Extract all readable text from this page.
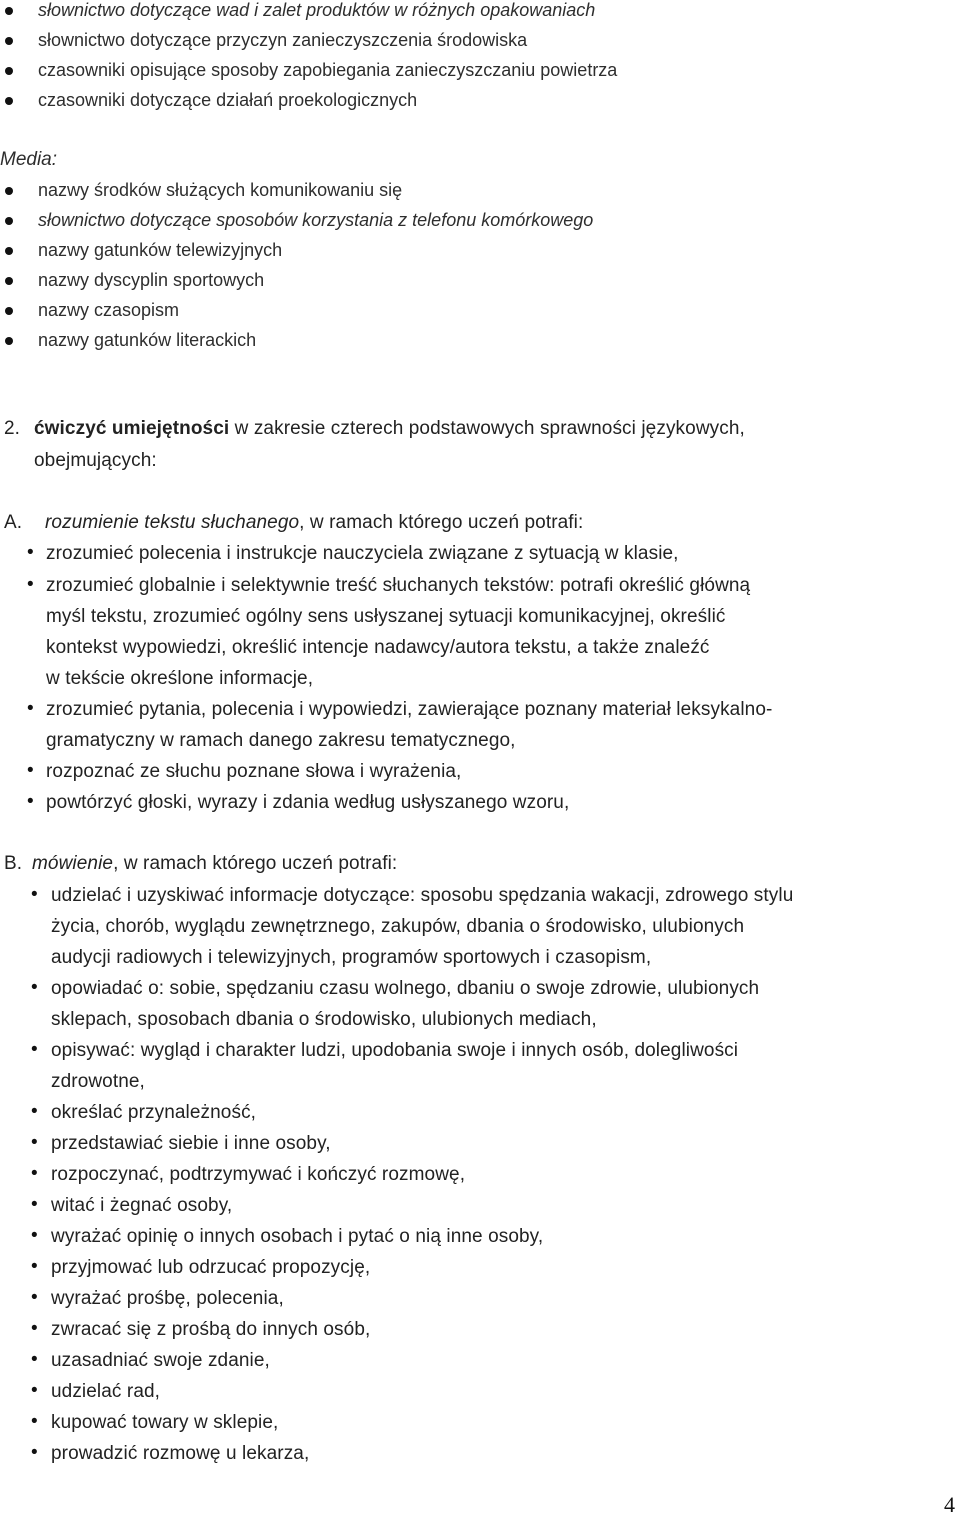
słownictwo dotyczące wad i zalet produktów w różnych opakowaniach
słownictwo dotyczące przyczyn zanieczyszczenia środowiska
czasowniki opisujące sposoby zapobiegania zanieczyszczaniu powietrza
czasowniki dotyczące działań proekologicznych
Media:
nazwy środków służących komunikowaniu się
słownictwo dotyczące sposobów korzystania z telefonu komórkowego
nazwy gatunków telewizyjnych
nazwy dyscyplin sportowych
nazwy czasopism
nazwy gatunków literackich
2. ćwiczyć umiejętności w zakresie czterech podstawowych sprawności językowych,
obejmujących:
A. rozumienie tekstu słuchanego, w ramach którego uczeń potrafi:
• zrozumieć polecenia i instrukcje nauczyciela związane z sytuacją w klasie,
• zrozumieć globalnie i selektywnie treść słuchanych tekstów: potrafi określić główną
myśl tekstu, zrozumieć ogólny sens usłyszanej sytuacji komunikacyjnej, określić
kontekst wypowiedzi, określić intencje nadawcy/autora tekstu, a także znaleźć
w tekście określone informacje,
• zrozumieć pytania, polecenia i wypowiedzi, zawierające poznany materiał leksykalno-
gramatyczny w ramach danego zakresu tematycznego,
• rozpoznać ze słuchu poznane słowa i wyrażenia,
• powtórzyć głoski, wyrazy i zdania według usłyszanego wzoru,
B. mówienie, w ramach którego uczeń potrafi:
• udzielać i uzyskiwać informacje dotyczące: sposobu spędzania wakacji, zdrowego stylu
życia, chorób, wyglądu zewnętrznego, zakupów, dbania o środowisko, ulubionych
audycji radiowych i telewizyjnych, programów sportowych i czasopism,
• opowiadać o: sobie, spędzaniu czasu wolnego, dbaniu o swoje zdrowie, ulubionych
sklepach, sposobach dbania o środowisko, ulubionych mediach,
• opisywać: wygląd i charakter ludzi, upodobania swoje i innych osób, dolegliwości
zdrowotne,
• określać przynależność,
• przedstawiać siebie i inne osoby,
• rozpoczynać, podtrzymywać i kończyć rozmowę,
• witać i żegnać osoby,
• wyrażać opinię o innych osobach i pytać o nią inne osoby,
• przyjmować lub odrzucać propozycję,
• wyrażać prośbę, polecenia,
• zwracać się z prośbą do innych osób,
• uzasadniać swoje zdanie,
• udzielać rad,
• kupować towary w sklepie,
• prowadzić rozmowę u lekarza,
4
